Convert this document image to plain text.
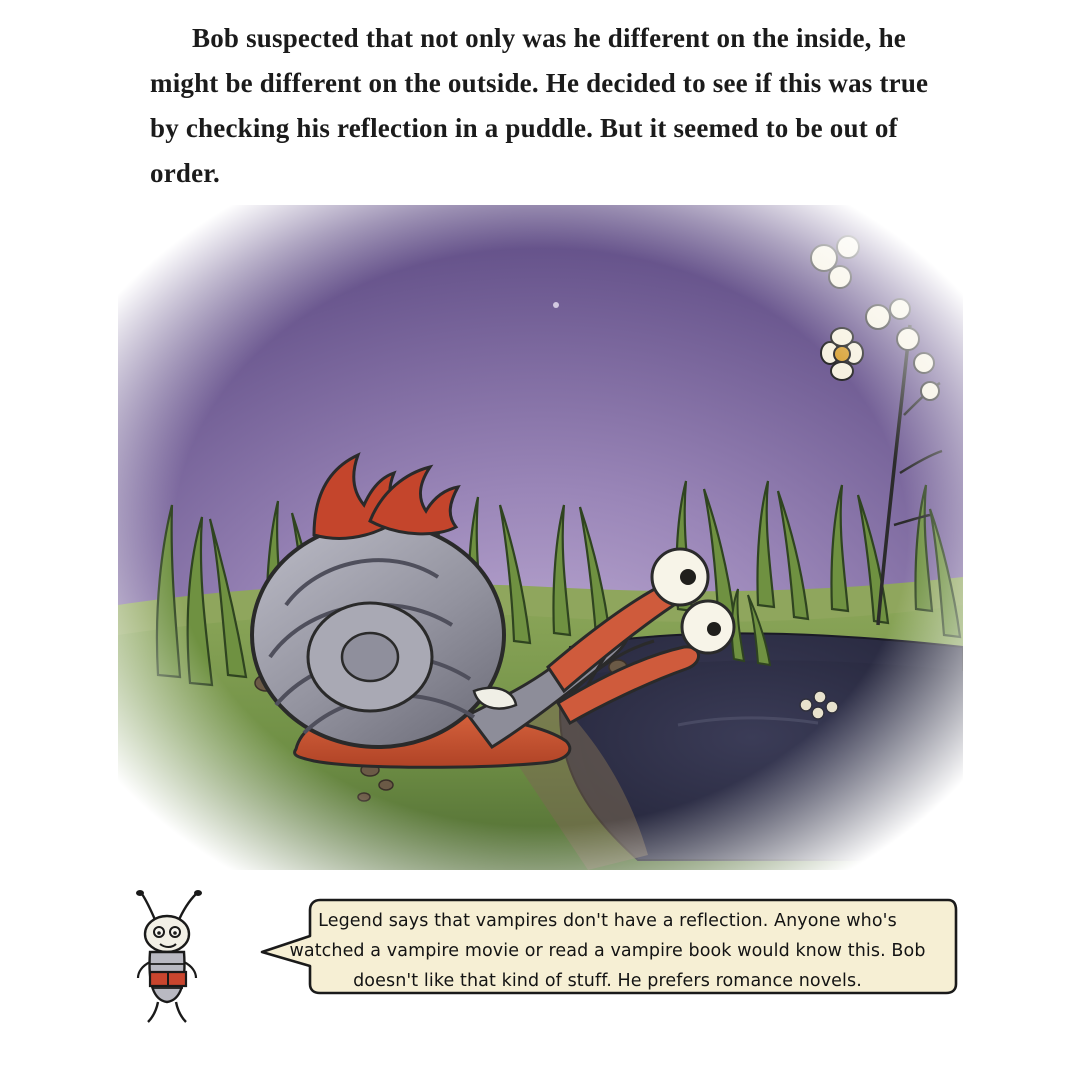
Bob suspected that not only was he different on the inside, he might be different on the outside. He decided to see if this was true by checking his reflection in a puddle. But it seemed to be out of order.
Legend says that vampires don't have a reflection. Anyone who's watched a vampire movie or read a vampire book would know this. Bob doesn't like that kind of stuff. He prefers romance novels.
